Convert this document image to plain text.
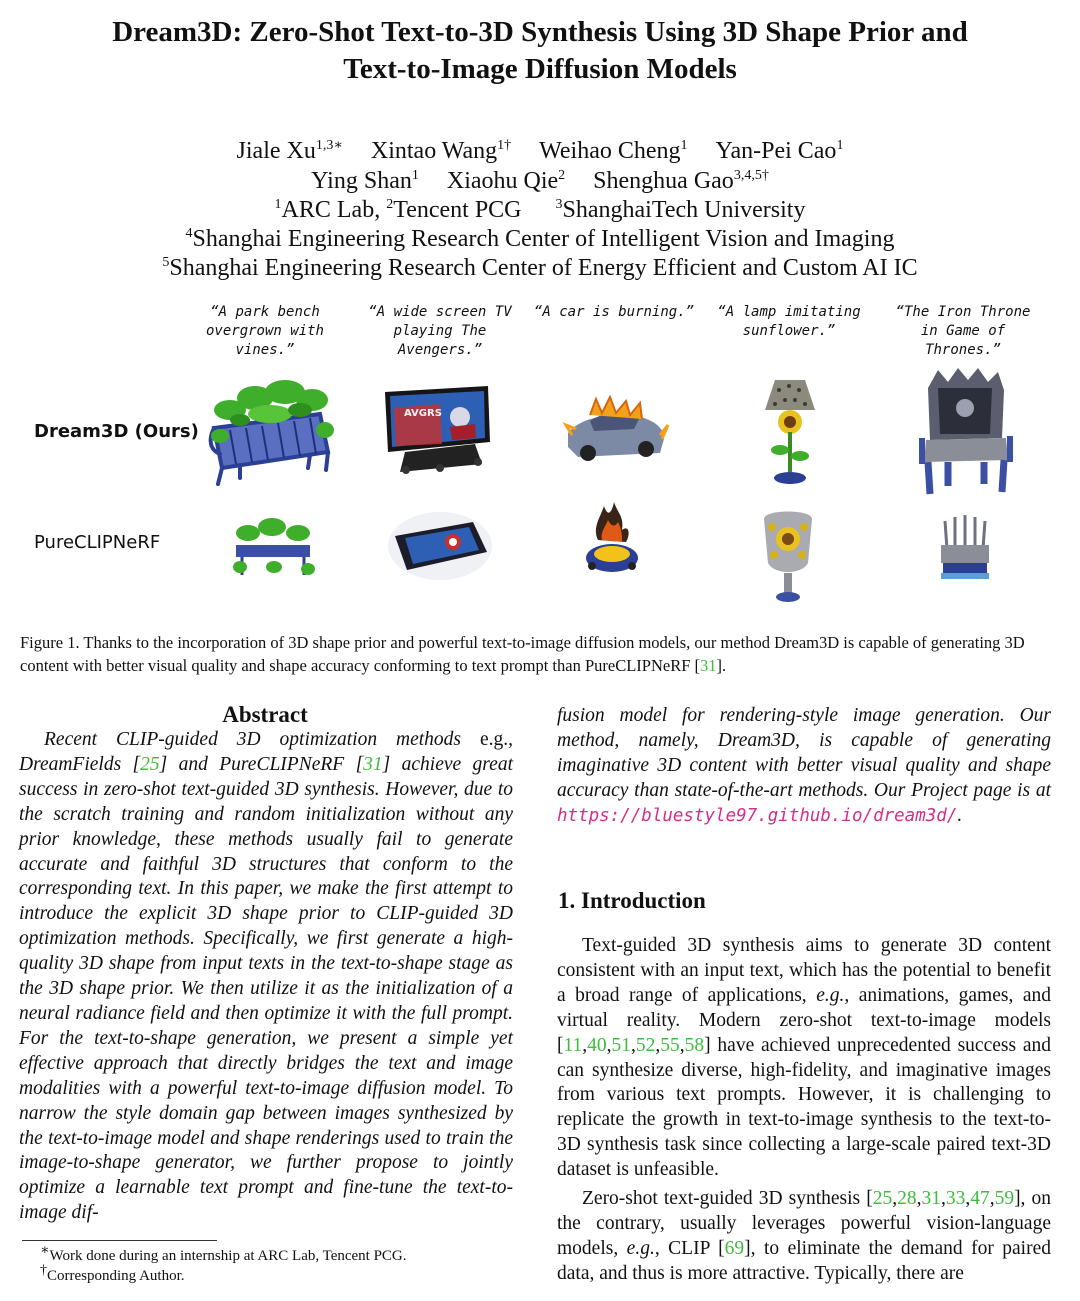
Dream3D: Zero-Shot Text-to-3D Synthesis Using 3D Shape Prior and
Text-to-Image Diffusion Models
Jiale $Xu^{1,3∗}$ Xintao Wang$^{1\dagger}$ Weihao Cheng$^1$ Yan-Pei Cao$^1$
Ying Shan$^1$ Xiaohu Qie$^2$ Shenghua Gao$^{3,4,5\dagger}$
$^1$ARC Lab, $^2$Tencent PCG $^3$ShanghaiTech University
$^4$Shanghai Engineering Research Center of Intelligent Vision and Imaging
$^5$Shanghai Engineering Research Center of Energy Efficient and Custom AI IC
“A park bench
overgrown with
vines.”
“A wide screen TV
playing The
Avengers.”
“A car is burning.”	“A lamp imitating
sunflower.”
“The Iron Throne
in Game of
Thrones.”
Dream3D (Ours)
PureCLIPNeRF
AVGRS
Figure 1. Thanks to the incorporation of 3D shape prior and powerful text-to-image diffusion models, our method Dream3D is capable of generating 3D content with better visual quality and shape accuracy conforming to text prompt than PureCLIPNeRF [31].
Abstract
Recent CLIP-guided 3D optimization methods e.g., DreamFields [25] and PureCLIPNeRF [31] achieve great success in zero-shot text-guided 3D synthesis. However, due to the scratch training and random initialization without any prior knowledge, these methods usually fail to generate accurate and faithful 3D structures that conform to the corresponding text. In this paper, we make the first attempt to introduce the explicit 3D shape prior to CLIP-guided 3D optimization methods. Specifically, we first generate a high-quality 3D shape from input texts in the text-to-shape stage as the 3D shape prior. We then utilize it as the initialization of a neural radiance field and then optimize it with the full prompt. For the text-to-shape generation, we present a simple yet effective approach that directly bridges the text and image modalities with a powerful text-to-image diffusion model. To narrow the style domain gap between images synthesized by the text-to-image model and shape renderings used to train the image-to-shape generator, we further propose to jointly optimize a learnable text prompt and fine-tune the text-to-image dif-
∗Work done during an internship at ARC Lab, Tencent PCG.
†Corresponding Author.
fusion model for rendering-style image generation. Our method, namely, Dream3D, is capable of generating imaginative 3D content with better visual quality and shape accuracy than state-of-the-art methods. Our Project page is at https://bluestyle97.github.io/dream3d/.
1. Introduction
Text-guided 3D synthesis aims to generate 3D content consistent with an input text, which has the potential to benefit a broad range of applications, e.g., animations, games, and virtual reality. Modern zero-shot text-to-image models [11,40,51,52,55,58] have achieved unprecedented success and can synthesize diverse, high-fidelity, and imaginative images from various text prompts. However, it is challenging to replicate the growth in text-to-image synthesis to the text-to-3D synthesis task since collecting a large-scale paired text-3D dataset is unfeasible.
Zero-shot text-guided 3D synthesis [25,28,31,33,47,59], on the contrary, usually leverages powerful vision-language models, e.g., CLIP [69], to eliminate the demand for paired data, and thus is more attractive. Typically, there are
